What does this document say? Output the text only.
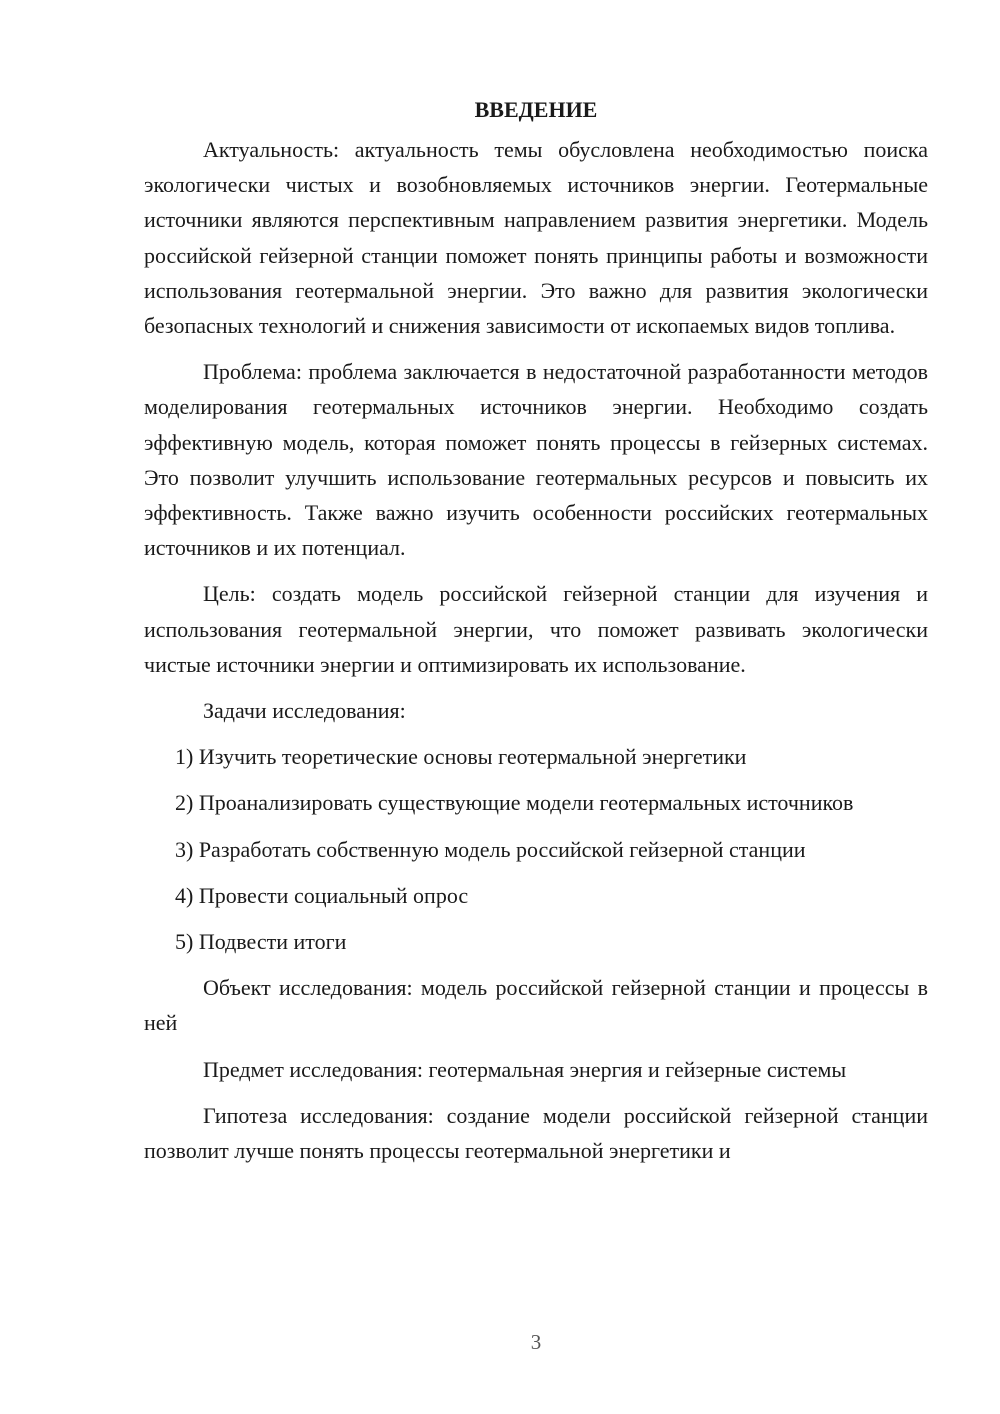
ВВЕДЕНИЕ

Актуальность: актуальность темы обусловлена необходимостью поиска экологически чистых и возобновляемых источников энергии. Геотермальные источники являются перспективным направлением развития энергетики. Модель российской гейзерной станции поможет понять принципы работы и возможности использования геотермальной энергии. Это важно для развития экологически безопасных технологий и снижения зависимости от ископаемых видов топлива.

Проблема: проблема заключается в недостаточной разработанности методов моделирования геотермальных источников энергии. Необходимо создать эффективную модель, которая поможет понять процессы в гейзерных системах. Это позволит улучшить использование геотермальных ресурсов и повысить их эффективность. Также важно изучить особенности российских геотермальных источников и их потенциал.

Цель: создать модель российской гейзерной станции для изучения и использования геотермальной энергии, что поможет развивать экологически чистые источники энергии и оптимизировать их использование.

Задачи исследования:

1) Изучить теоретические основы геотермальной энергетики

2) Проанализировать существующие модели геотермальных источников

3) Разработать собственную модель российской гейзерной станции

4) Провести социальный опрос

5) Подвести итоги

Объект исследования: модель российской гейзерной станции и процессы в ней

Предмет исследования: геотермальная энергия и гейзерные системы

Гипотеза исследования: создание модели российской гейзерной станции позволит лучше понять процессы геотермальной энергетики и

3
